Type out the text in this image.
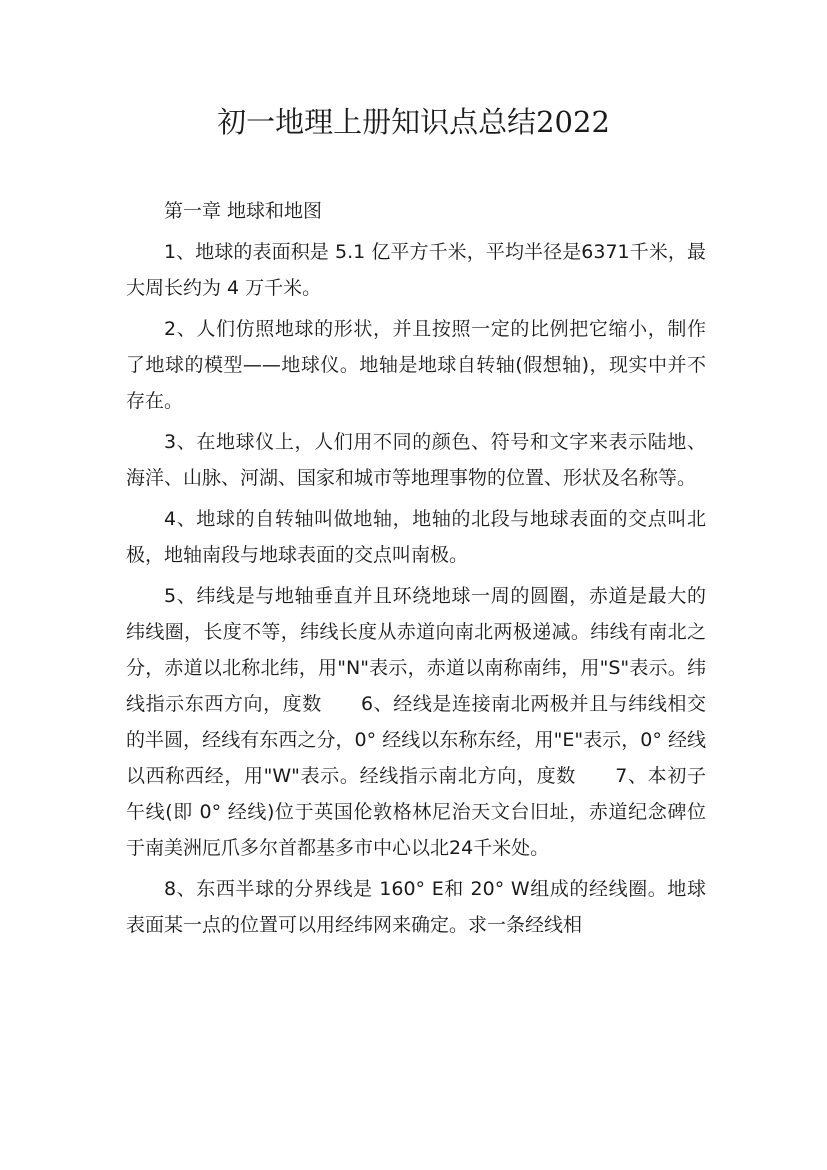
初一地理上册知识点总结2022

第一章 地球和地图

1、地球的表面积是 5.1 亿平方千米，平均半径是6371千米，最大周长约为 4 万千米。

2、人们仿照地球的形状，并且按照一定的比例把它缩小，制作了地球的模型——地球仪。地轴是地球自转轴(假想轴)，现实中并不存在。

3、在地球仪上，人们用不同的颜色、符号和文字来表示陆地、海洋、山脉、河湖、国家和城市等地理事物的位置、形状及名称等。

4、地球的自转轴叫做地轴，地轴的北段与地球表面的交点叫北极，地轴南段与地球表面的交点叫南极。

5、纬线是与地轴垂直并且环绕地球一周的圆圈，赤道是最大的纬线圈，长度不等，纬线长度从赤道向南北两极递减。纬线有南北之分，赤道以北称北纬，用"N"表示，赤道以南称南纬，用"S"表示。纬线指示东西方向，度数　　6、经线是连接南北两极并且与纬线相交的半圆，经线有东西之分，0° 经线以东称东经，用"E"表示，0° 经线以西称西经，用"W"表示。经线指示南北方向，度数　　7、本初子午线(即 0° 经线)位于英国伦敦格林尼治天文台旧址，赤道纪念碑位于南美洲厄爪多尔首都基多市中心以北24千米处。

8、东西半球的分界线是 160° E和 20° W组成的经线圈。地球表面某一点的位置可以用经纬网来确定。求一条经线相
